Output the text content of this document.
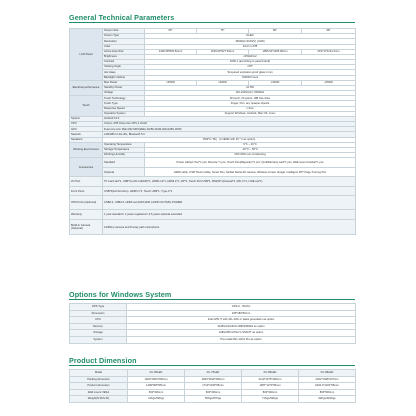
General Technical Parameters
LCD Panel	Screen Size	65"	75"	86"	98"
	Screen Type	DLED			
	Resolution	3840(H)×2160(V) (UHD)			
	Color	10-bit 1.07B			
	Active Area Size	1428.48*803.52mm	1649.66*927.93mm	1895.04*1065.96mm	2157.8*1213.3mm
	Brightness	≥350cd/m2			
	Contrast	4000:1 (according to panel brand)			
	Viewing Angle	178°			
	AG Glass	Tempered explosion-proof glass 4 mm			
	Backlight Lifetime	≥50000 hours			
Electrical performance	Max Power	≤250W	≤300W	≤400W	≤450W
	Standby Power	≤0.5W			
	Voltage	110-240V(AC), 50/60Hz			
Touch	Touch Technology	IR touch; 20 points; HIB free drive			
	Touch Type	Finger, Pen, any opaque objects			
	Response Speed	≤ 6ms			
	Operation System	Support Windows, Android, Mac OS, Linux			
System	Android 14.0				
CPU	Cortex- A55 Octa-core CPU,1.2GHz				
GPU	Dual core Arm Mali-G52 MP2(2EE) 4G/8G RAM;32G/128G ROM				
Network	LAN/WIFI 2.4G+5G, Bluetooth 5.0				
Speakers	15W*2 / 8Ω，(2.1EDR with 20 * 2 as option)				
Working Environment	Operating Temperature	0°C ~ 40°C			
	Storage Temperature	-20°C ~ 60°C			
	Working Humidity	10%-90% non-condensing			
Accessories	Standard	Power cable(1.5m)*1 pcs; Remote *1 pcs; Touch Pen(Magnetic)*1 pcs; QC&Warranty card*1 pcs; Wall-mount bracket*1 pcs			
	Optional	HDMI cable, USB Touch Cable, Smart Pen, Mobile Stand,4K camera, Wireless screen dongle, Intelligent FPT Page-Turning Pen			
I/O Port	TF Card slot*1, USB*3,LAN In(RJ45)*1, HDMI out*1, HDMI in*1, DP*1, Touch Port USB*1, RS232*1(Coaxial*1, MIC In*1, LINE out*1)				
Front Ports	USB*3(Full function), HDMI In*1, Touch USB*1, Type-C*1				
OPS Ports (Optional)	USB2.0, USB3.0, HDMI out,RJ45,WIFI,AUDIO OUT,MIC,POWER				
Warranty	1 year standard / 2 years registered / 3-5 years optional extended				
Build-in Camera (Optional)	13/48mp camera and 8 array path microphone				
Options for Windows System
OPS Type	OPS-C : 80-Pin
Dimension	195*180*60mm
CPU	Intel i3/i5/ i7 with 4th~12th or latest generation as option
Memory	4G/8G/16G/32G DDR3/DDR4 as option
Storage	128G/256 G/512 G SSD/1T as option
System	Pre-install Win 10/11 Pro as option
Product Dimension
Model	FC-65LED	FC-75LED	FC-86LED	FC-98LED
Packing dimension	1620*1054*206mm	1840*1190*206mm	2110*1375*200mm	2322*1495*207mm
Product dimension	1499*906*95mm	1710*1030*95mm	1957*1170*95mm	2226.3*1321*95mm
Wall mount VESA	500*400mm	600*400mm	800*400mm	800*600mm
Weight(N.W/G.W)	41Kgs/52Kgs	50Kgs/67Kgs	71Kgs/92Kgs	92Kgs/116Kgs
